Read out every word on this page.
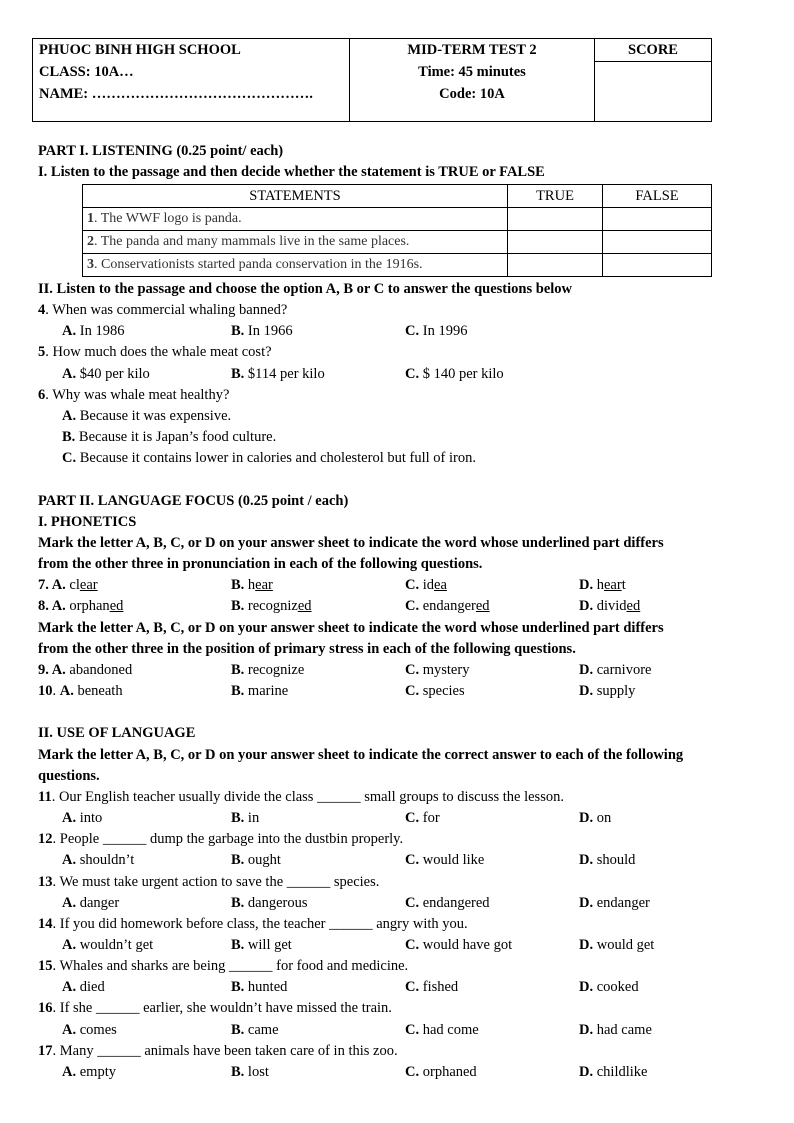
PHUOC BINH HIGH SCHOOL
CLASS: 10A…
NAME: ……………………………………….

MID-TERM TEST 2
Time: 45 minutes
Code: 10A

SCORE
PART I. LISTENING (0.25 point/ each)
I. Listen to the passage and then decide whether the statement is TRUE or FALSE
STATEMENTS	TRUE	FALSE
1. The WWF logo is panda.		
2. The panda and many mammals live in the same places.		
3. Conservationists started panda conservation in the 1916s.		
II. Listen to the passage and choose the option A, B or C to answer the questions below
4. When was commercial whaling banned?
A. In 1986	B. In 1966	C. In 1996
5. How much does the whale meat cost?
A. $40 per kilo	B. $114 per kilo	C. $ 140 per kilo
6. Why was whale meat healthy?
A. Because it was expensive.
B. Because it is Japan’s food culture.
C. Because it contains lower in calories and cholesterol but full of iron.
PART II. LANGUAGE FOCUS (0.25 point / each)
I. PHONETICS
Mark the letter A, B, C, or D on your answer sheet to indicate the word whose underlined part differs
from the other three in pronunciation in each of the following questions.
7. A. clear	B. hear	C. idea	D. heart
8. A. orphaned	B. recognized	C. endangered	D. divided
Mark the letter A, B, C, or D on your answer sheet to indicate the word whose underlined part differs
from the other three in the position of primary stress in each of the following questions.
9. A. abandoned	B. recognize	C. mystery	D. carnivore
10. A. beneath	B. marine	C. species	D. supply
II. USE OF LANGUAGE
Mark the letter A, B, C, or D on your answer sheet to indicate the correct answer to each of the following
questions.
11. Our English teacher usually divide the class ______ small groups to discuss the lesson.
A. into	B. in	C. for	D. on
12. People ______ dump the garbage into the dustbin properly.
A. shouldn’t	B. ought	C. would like	D. should
13. We must take urgent action to save the ______ species.
A. danger	B. dangerous	C. endangered	D. endanger
14. If you did homework before class, the teacher ______ angry with you.
A. wouldn’t get	B. will get	C. would have got	D. would get
15. Whales and sharks are being ______ for food and medicine.
A. died	B. hunted	C. fished	D. cooked
16. If she ______ earlier, she wouldn’t have missed the train.
A. comes	B. came	C. had come	D. had came
17. Many ______ animals have been taken care of in this zoo.
A. empty	B. lost	C. orphaned	D. childlike
